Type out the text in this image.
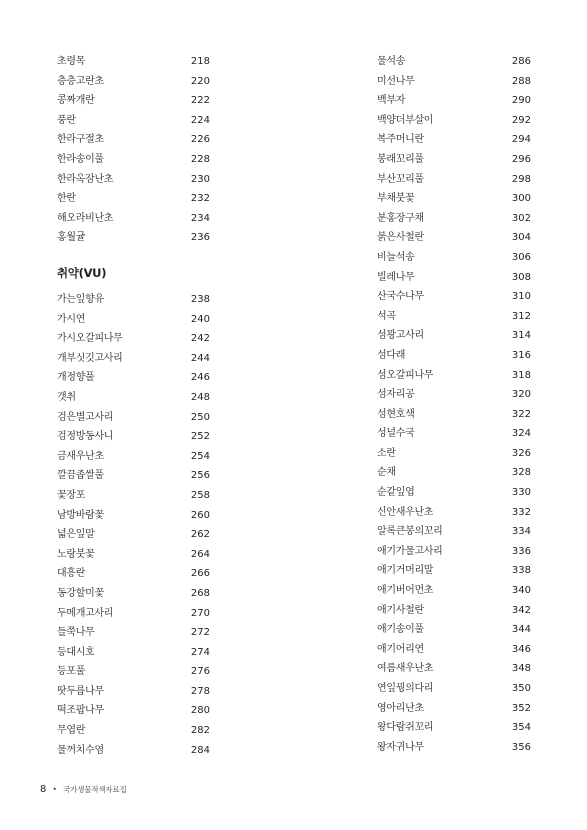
초령목	218
층층고란초	220
콩짜개란	222
풍란	224
한라구절초	226
한라송이풀	228
한라옥잠난초	230
한란	232
해오라비난초	234
홍월귤	236
취약(VU)
가는잎향유	238
가시연	240
가시오갈피나무	242
개부싯깃고사리	244
개정향풀	246
갯취	248
검은별고사리	250
검정방동사니	252
금새우난초	254
깔끔좁쌀풀	256
꽃장포	258
남방바람꽃	260
넓은잎말	262
노랑붓꽃	264
대흥란	266
동강할미꽃	268
두메개고사리	270
들쭉나무	272
등대시호	274
등포풀	276
땃두릅나무	278
떡조팝나무	280
무엽란	282
물꺼치수염	284
물석송	286
미선나무	288
백부자	290
백양더부살이	292
복주머니란	294
봉래꼬리풀	296
부산꼬리풀	298
부채붓꽃	300
분홍장구채	302
붉은사철란	304
비늘석송	306
빌레나무	308
산국수나무	310
석곡	312
섬꽝고사리	314
섬다래	316
섬오갈피나무	318
섬자리공	320
섬현호색	322
성널수국	324
소란	326
순채	328
순같잎엽	330
신안새우난초	332
알록큰봉의꼬리	334
애기가물고사리	336
애기거머리말	338
애기버어먼초	340
애기사철란	342
애기송이풀	344
애기어리연	346
여름새우난초	348
연잎꿩의다리	350
영아리난초	352
왕다람쥐꼬리	354
왕자귀나무	356
8 • 국가생물적색자료집
